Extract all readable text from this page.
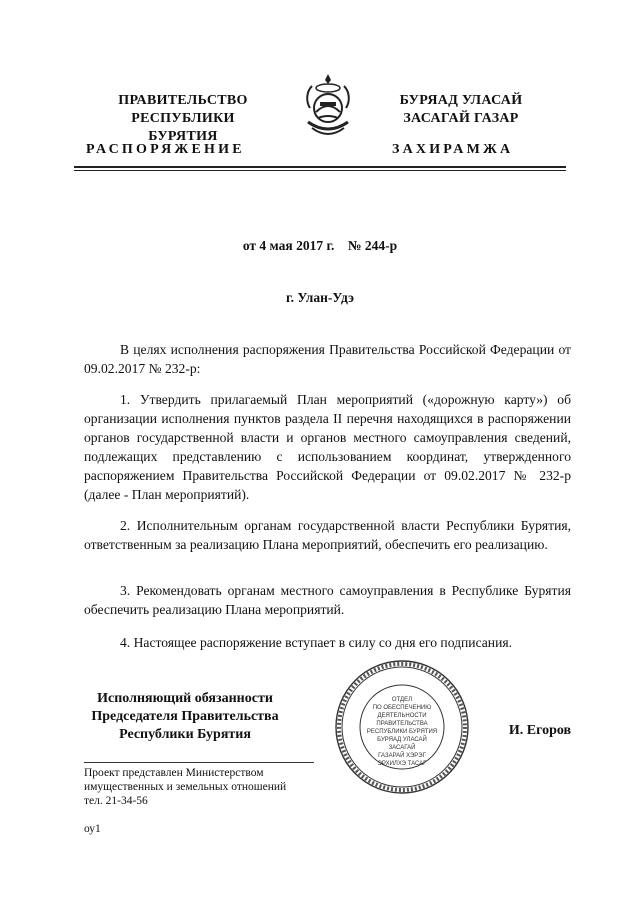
ПРАВИТЕЛЬСТВО
РЕСПУБЛИКИ БУРЯТИЯ
БУРЯАД УЛАСАЙ
ЗАСАГАЙ ГАЗАР
РАСПОРЯЖЕНИЕ	ЗАХИРАМЖА
от 4 мая 2017 г.    № 244-р
г. Улан-Удэ
В целях исполнения распоряжения Правительства Российской Федерации от 09.02.2017 № 232-р:
1. Утвердить прилагаемый План мероприятий («дорожную карту») об организации исполнения пунктов раздела II перечня находящихся в распоряжении органов государственной власти и органов местного самоуправления сведений, подлежащих представлению с использованием координат, утвержденного распоряжением Правительства Российской Федерации от 09.02.2017 № 232-р (далее - План мероприятий).
2. Исполнительным органам государственной власти Республики Бурятия, ответственным за реализацию Плана мероприятий, обеспечить его реализацию.
3. Рекомендовать органам местного самоуправления в Республике Бурятия обеспечить реализацию Плана мероприятий.
4. Настоящее распоряжение вступает в силу со дня его подписания.
Исполняющий обязанности
Председателя Правительства
Республики Бурятия
ОТДЕЛ
ПО ОБЕСПЕЧЕНИЮ ДЕЯТЕЛЬНОСТИ
ПРАВИТЕЛЬСТВА
РЕСПУБЛИКИ БУРЯТИЯ
БУРЯАД УЛАСАЙ ЗАСАГАЙ
ГАЗАРАЙ ХЭРЭГ
ЭРХИЛХЭ ТАСАГ
И. Егоров
Проект представлен Министерством
имущественных и земельных отношений
тел. 21-34-56
оу1
